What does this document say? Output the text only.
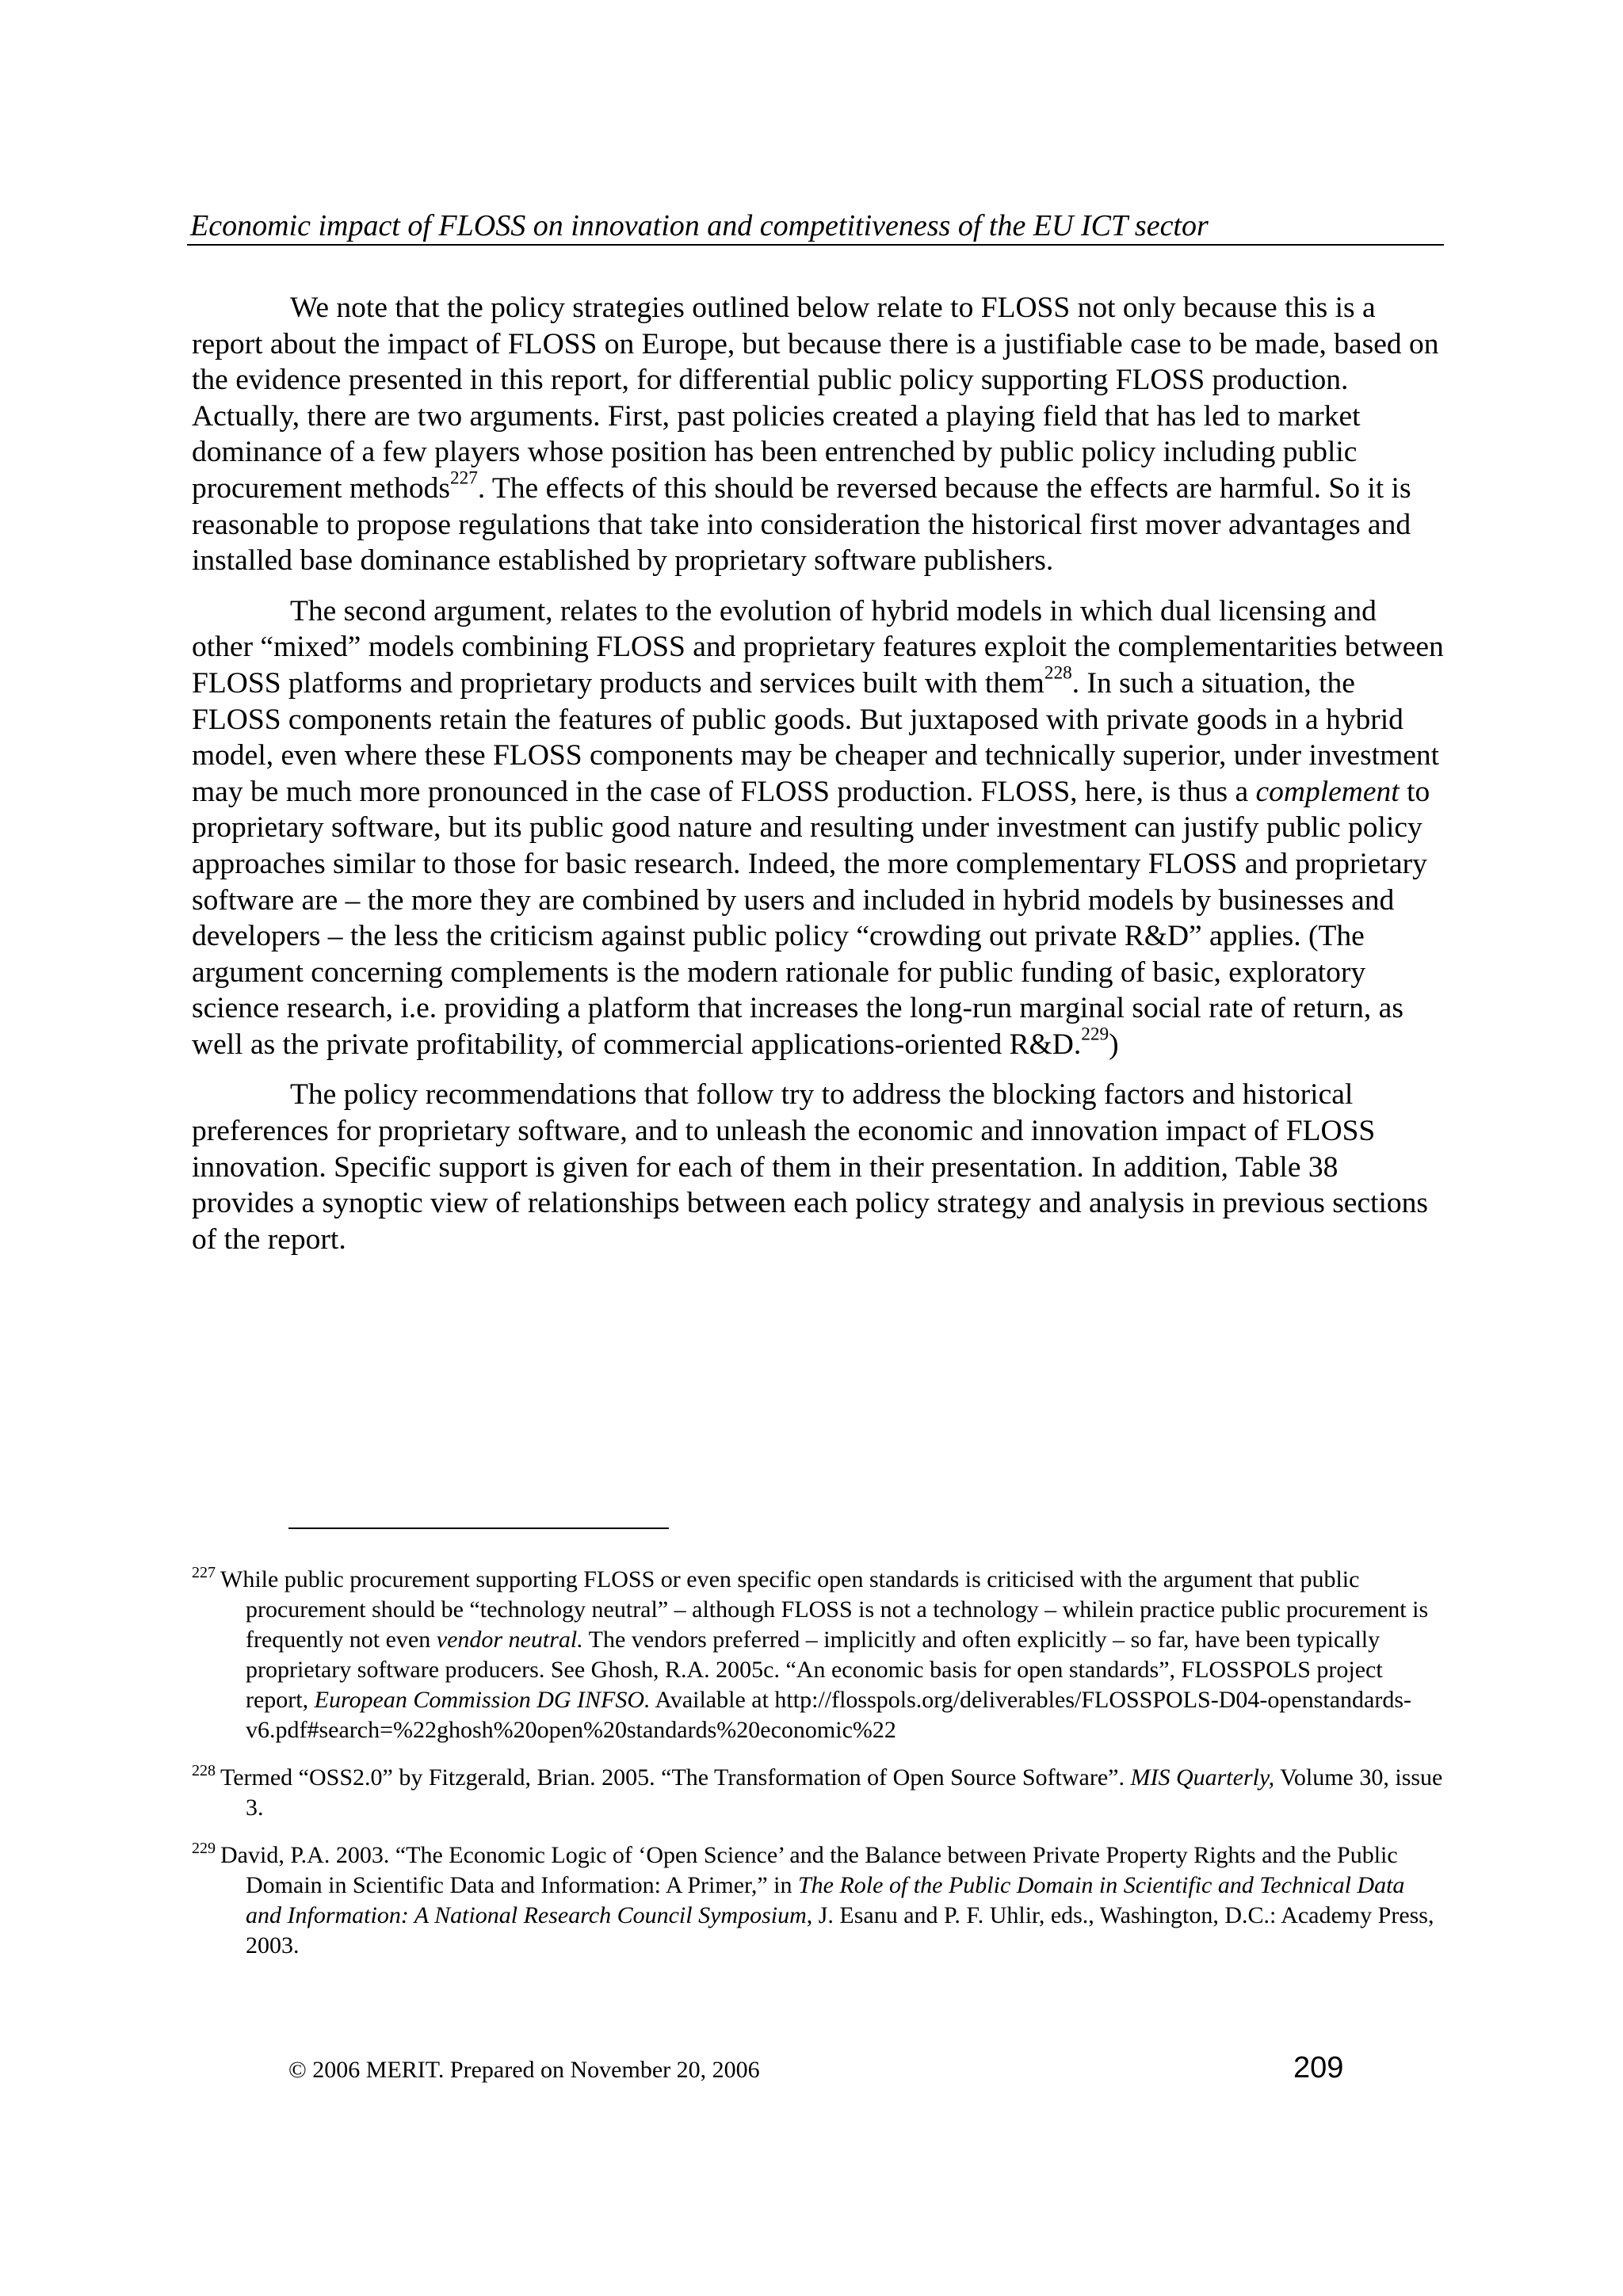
Economic impact of FLOSS on innovation and competitiveness of the EU ICT sector

We note that the policy strategies outlined below relate to FLOSS not only because this is a report about the impact of FLOSS on Europe, but because there is a justifiable case to be made, based on the evidence presented in this report, for differential public policy supporting FLOSS production. Actually, there are two arguments. First, past policies created a playing field that has led to market dominance of a few players whose position has been entrenched by public policy including public procurement methods$^{227}$. The effects of this should be reversed because the effects are harmful. So it is reasonable to propose regulations that take into consideration the historical first mover advantages and installed base dominance established by proprietary software publishers.

The second argument, relates to the evolution of hybrid models in which dual licensing and other “mixed” models combining FLOSS and proprietary features exploit the complementarities between FLOSS platforms and proprietary products and services built with them$^{228}$. In such a situation, the FLOSS components retain the features of public goods. But juxtaposed with private goods in a hybrid model, even where these FLOSS components may be cheaper and technically superior, under investment may be much more pronounced in the case of FLOSS production. FLOSS, here, is thus a complement to proprietary software, but its public good nature and resulting under investment can justify public policy approaches similar to those for basic research. Indeed, the more complementary FLOSS and proprietary software are – the more they are combined by users and included in hybrid models by businesses and developers – the less the criticism against public policy “crowding out private R&D” applies. (The argument concerning complements is the modern rationale for public funding of basic, exploratory science research, i.e. providing a platform that increases the long-run marginal social rate of return, as well as the private profitability, of commercial applications-oriented R&D.$^{229}$)

The policy recommendations that follow try to address the blocking factors and historical preferences for proprietary software, and to unleash the economic and innovation impact of FLOSS innovation. Specific support is given for each of them in their presentation. In addition, Table 38 provides a synoptic view of relationships between each policy strategy and analysis in previous sections of the report.

$^{227}$ While public procurement supporting FLOSS or even specific open standards is criticised with the argument that public procurement should be “technology neutral” – although FLOSS is not a technology – whilein practice public procurement is frequently not even vendor neutral. The vendors preferred – implicitly and often explicitly – so far, have been typically proprietary software producers. See Ghosh, R.A. 2005c. “An economic basis for open standards”, FLOSSPOLS project report, European Commission DG INFSO. Available at http://flosspols.org/deliverables/FLOSSPOLS-D04-openstandards-v6.pdf#search=%22ghosh%20open%20standards%20economic%22
$^{228}$ Termed “OSS2.0” by Fitzgerald, Brian. 2005. “The Transformation of Open Source Software”. MIS Quarterly, Volume 30, issue 3.
$^{229}$ David, P.A. 2003. “The Economic Logic of ‘Open Science’ and the Balance between Private Property Rights and the Public Domain in Scientific Data and Information: A Primer,” in The Role of the Public Domain in Scientific and Technical Data and Information: A National Research Council Symposium, J. Esanu and P. F. Uhlir, eds., Washington, D.C.: Academy Press, 2003.
© 2006 MERIT. Prepared on November 20, 2006	209
